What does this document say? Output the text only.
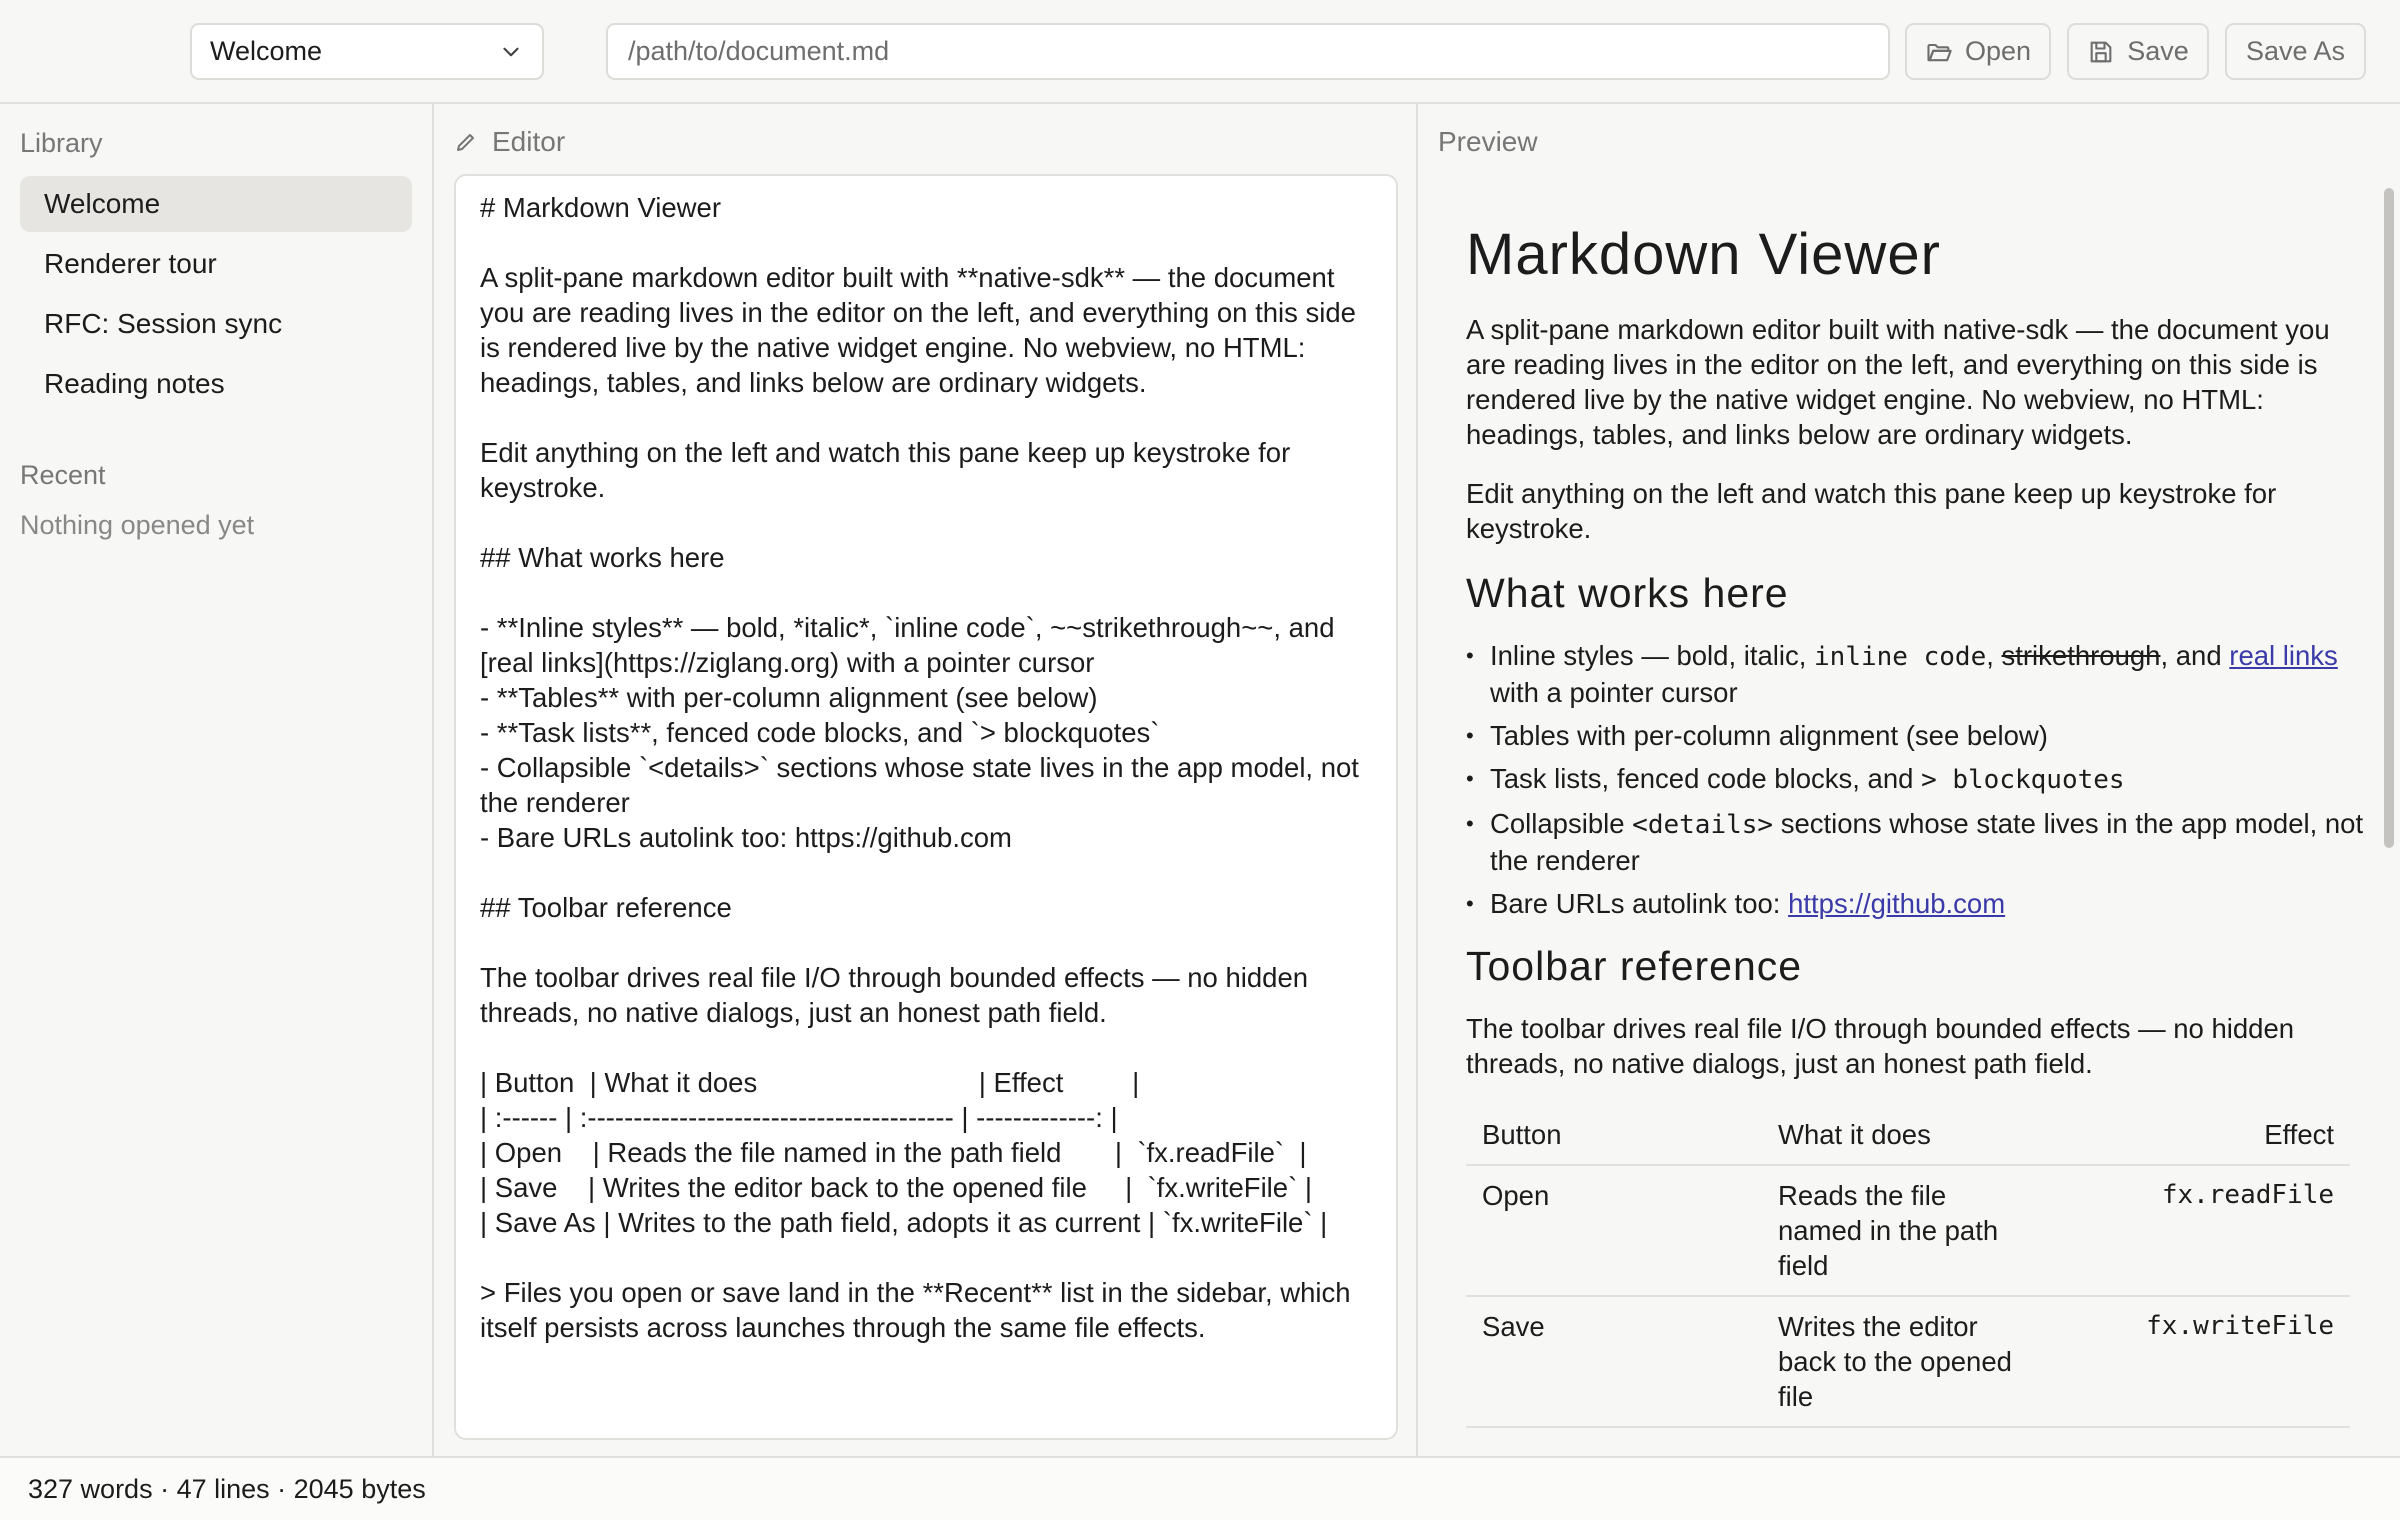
Welcome
/path/to/document.md	Open	Save Save As
Library
Welcome
Renderer tour
RFC: Session sync
Reading notes
Recent
Nothing opened yet
Editor
# Markdown Viewer

A split-pane markdown editor built with **native-sdk** — the document you are reading lives in the editor on the left, and everything on this side is rendered live by the native widget engine. No webview, no HTML: headings, tables, and links below are ordinary widgets.

Edit anything on the left and watch this pane keep up keystroke for keystroke.

## What works here

- **Inline styles** — bold, *italic*, `inline code`, ~~strikethrough~~, and [real links](https://ziglang.org) with a pointer cursor
- **Tables** with per-column alignment (see below)
- **Task lists**, fenced code blocks, and `> blockquotes`
- Collapsible `<details>` sections whose state lives in the app model, not the renderer
- Bare URLs autolink too: https://github.com

## Toolbar reference

The toolbar drives real file I/O through bounded effects — no hidden threads, no native dialogs, just an honest path field.

| Button  | What it does                             | Effect         |
| :------ | :---------------------------------------- | -------------: |
| Open    | Reads the file named in the path field       |  `fx.readFile`  |
| Save    | Writes the editor back to the opened file     |  `fx.writeFile` |
| Save As | Writes to the path field, adopts it as current | `fx.writeFile` |

> Files you open or save land in the **Recent** list in the sidebar, which itself persists across launches through the same file effects.
Preview
Markdown Viewer

A split-pane markdown editor built with native-sdk — the document you are reading lives in the editor on the left, and everything on this side is rendered live by the native widget engine. No webview, no HTML: headings, tables, and links below are ordinary widgets.

Edit anything on the left and watch this pane keep up keystroke for keystroke.

What works here
• Inline styles — bold, italic, inline code, strikethrough, and real links with a pointer cursor
• Tables with per-column alignment (see below)
• Task lists, fenced code blocks, and > blockquotes
• Collapsible <details> sections whose state lives in the app model, not the renderer
• Bare URLs autolink too: https://github.com
Toolbar reference

The toolbar drives real file I/O through bounded effects — no hidden threads, no native dialogs, just an honest path field.

Button	What it does	Effect
Open	Reads the file named in the path field	fx.readFile
Save	Writes the editor back to the opened file	fx.writeFile
327 words · 47 lines · 2045 bytes
